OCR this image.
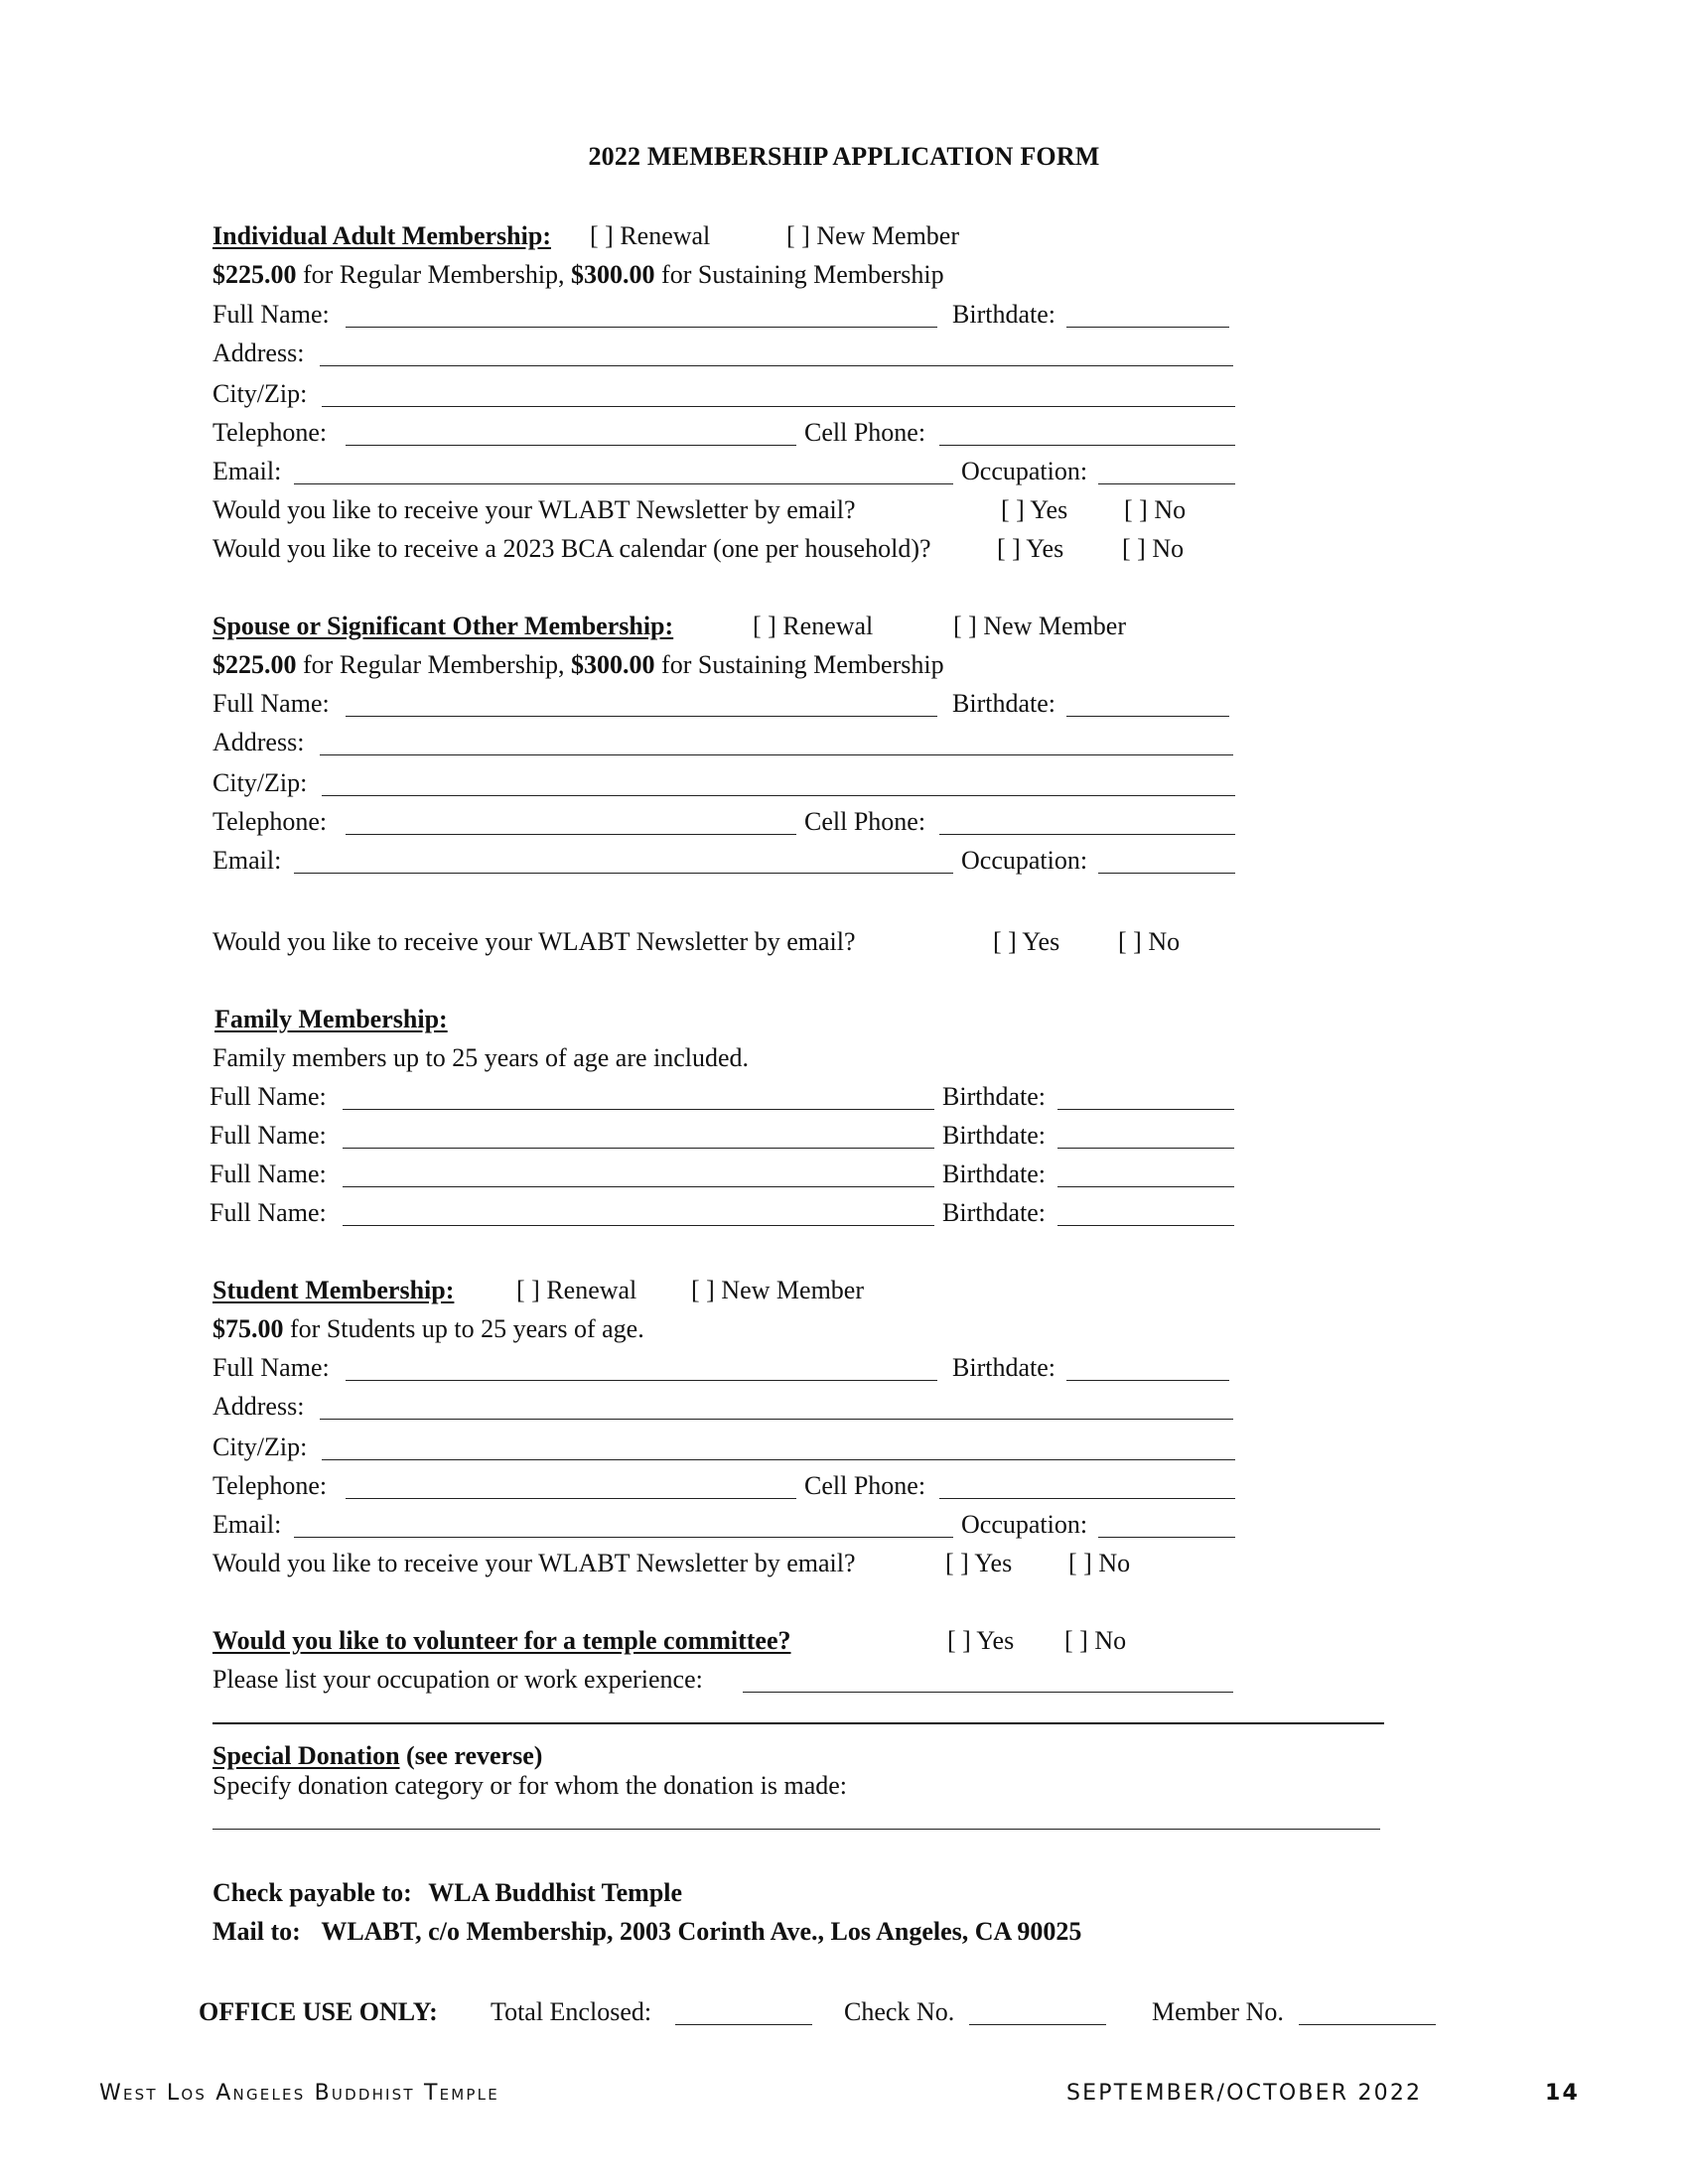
2022 MEMBERSHIP APPLICATION FORM
Individual Adult Membership: [ ] Renewal	[ ] New Member
$225.00 for Regular Membership, $300.00 for Sustaining Membership
Full Name:	Birthdate:
Address:
City/Zip:
Telephone:	Cell Phone:
Email:	Occupation:
Would you like to receive your WLABT Newsletter by email?	[ ] Yes [ ] No
Would you like to receive a 2023 BCA calendar (one per household)?	[ ] Yes [ ] No
Spouse or Significant Other Membership:	[ ] Renewal	[ ] New Member
$225.00 for Regular Membership, $300.00 for Sustaining Membership
Full Name:	Birthdate:
Address:
City/Zip:
Telephone:	Cell Phone:
Email:	Occupation:
Would you like to receive your WLABT Newsletter by email?	[ ] Yes [ ] No
Family Membership:
Family members up to 25 years of age are included.
Full Name:	Birthdate:
Full Name:	Birthdate:
Full Name:	Birthdate:
Full Name:	Birthdate:
Student Membership: [ ] Renewal [ ] New Member
$75.00 for Students up to 25 years of age.
Full Name:	Birthdate:
Address:
City/Zip:
Telephone:	Cell Phone:
Email:	Occupation:
Would you like to receive your WLABT Newsletter by email?	[ ] Yes [ ] No
Would you like to volunteer for a temple committee?	[ ] Yes [ ] No
Please list your occupation or work experience:
Special Donation (see reverse)
Specify donation category or for whom the donation is made:
Check payable to: WLA Buddhist Temple
Mail to: WLABT, c/o Membership, 2003 Corinth Ave., Los Angeles, CA 90025
OFFICE USE ONLY: Total Enclosed:	Check No.	Member No.
West Los Angeles Buddhist Temple	SEPTEMBER/OCTOBER 2022	14
